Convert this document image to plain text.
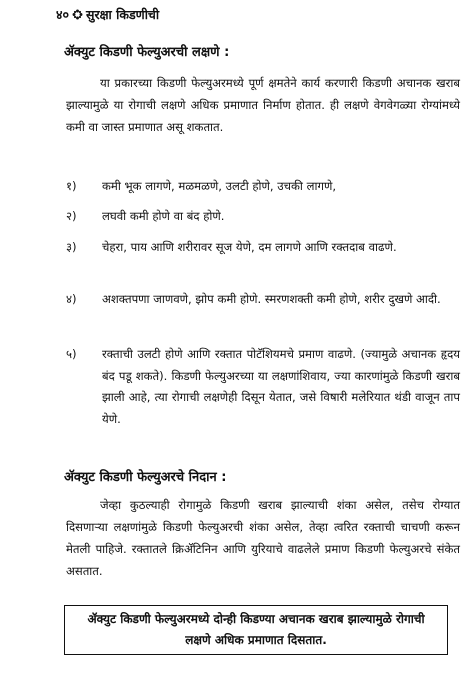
४० सुरक्षा किडणीची
ॲक्युट किडणी फेल्युअरची लक्षणे :

या प्रकारच्या किडणी फेल्युअरमध्ये पूर्ण क्षमतेने कार्य करणारी किडणी अचानक खराब झाल्यामुळे या रोगाची लक्षणे अधिक प्रमाणात निर्माण होतात. ही लक्षणे वेगवेगळ्या रोग्यांमध्ये कमी वा जास्त प्रमाणात असू शकतात.

१)	कमी भूक लागणे, मळमळणे, उलटी होणे, उचकी लागणे,
२)	लघवी कमी होणे वा बंद होणे.
३)	चेहरा, पाय आणि शरीरावर सूज येणे, दम लागणे आणि रक्तदाब वाढणे.
४)	अशक्तपणा जाणवणे, झोप कमी होणे. स्मरणशक्ती कमी होणे, शरीर दुखणे आदी.
५)	रक्ताची उलटी होणे आणि रक्तात पोटॅशियमचे प्रमाण वाढणे. (ज्यामुळे अचानक हृदय बंद पडू शकते). किडणी फेल्युअरच्या या लक्षणांशिवाय, ज्या कारणांमुळे किडणी खराब झाली आहे, त्या रोगाची लक्षणेही दिसून येतात, जसे विषारी मलेरियात थंडी वाजून ताप येणे.
ॲक्युट किडणी फेल्युअरचे निदान :

जेव्हा कुठल्याही रोगामुळे किडणी खराब झाल्याची शंका असेल, तसेच रोग्यात दिसणाऱ्या लक्षणांमुळे किडणी फेल्युअरची शंका असेल, तेव्हा त्वरित रक्ताची चाचणी करून मेतली पाहिजे. रक्तातले क्रिॲटिनिन आणि युरियाचे वाढलेले प्रमाण किडणी फेल्युअरचे संकेत असतात.

ॲक्युट किडणी फेल्युअरमध्ये दोन्ही किडण्या अचानक खराब झाल्यामुळे रोगाची लक्षणे अधिक प्रमाणात दिसतात.
